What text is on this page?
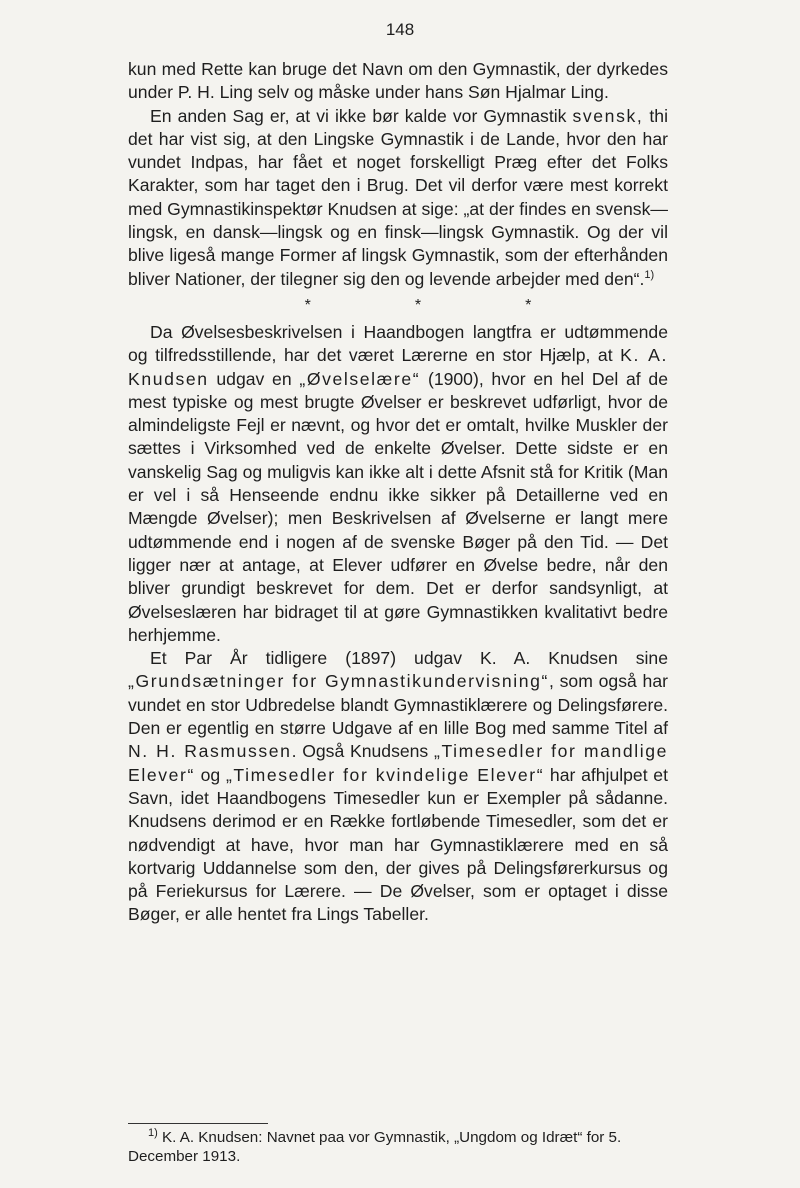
148

kun med Rette kan bruge det Navn om den Gymnastik, der dyrkedes under P. H. Ling selv og måske under hans Søn Hjalmar Ling.

En anden Sag er, at vi ikke bør kalde vor Gymnastik svensk, thi det har vist sig, at den Lingske Gymnastik i de Lande, hvor den har vundet Indpas, har fået et noget forskelligt Præg efter det Folks Karakter, som har taget den i Brug. Det vil derfor være mest korrekt med Gymnastikinspektør Knudsen at sige: „at der findes en svensk—lingsk, en dansk—lingsk og en finsk—lingsk Gymnastik. Og der vil blive ligeså mange Former af lingsk Gymnastik, som der efterhånden bliver Nationer, der tilegner sig den og levende arbejder med den“.$^{1)}$

*	*	*

Da Øvelsesbeskrivelsen i Haandbogen langtfra er udtømmende og tilfredsstillende, har det været Lærerne en stor Hjælp, at K. A. Knudsen udgav en „Øvelselære“ (1900), hvor en hel Del af de mest typiske og mest brugte Øvelser er beskrevet udførligt, hvor de almindeligste Fejl er nævnt, og hvor det er omtalt, hvilke Muskler der sættes i Virksomhed ved de enkelte Øvelser. Dette sidste er en vanskelig Sag og muligvis kan ikke alt i dette Afsnit stå for Kritik (Man er vel i så Henseende endnu ikke sikker på Detaillerne ved en Mængde Øvelser); men Beskrivelsen af Øvelserne er langt mere udtømmende end i nogen af de svenske Bøger på den Tid. — Det ligger nær at antage, at Elever udfører en Øvelse bedre, når den bliver grundigt beskrevet for dem. Det er derfor sandsynligt, at Øvelseslæren har bidraget til at gøre Gymnastikken kvalitativt bedre herhjemme.

Et Par År tidligere (1897) udgav K. A. Knudsen sine „Grundsætninger for Gymnastikundervisning“, som også har vundet en stor Udbredelse blandt Gymnastiklærere og Delingsførere. Den er egentlig en større Udgave af en lille Bog med samme Titel af N. H. Rasmussen. Også Knudsens „Timesedler for mandlige Elever“ og „Timesedler for kvindelige Elever“ har afhjulpet et Savn, idet Haandbogens Timesedler kun er Exempler på sådanne. Knudsens derimod er en Række fortløbende Timesedler, som det er nødvendigt at have, hvor man har Gymnastiklærere med en så kortvarig Uddannelse som den, der gives på Delingsførerkursus og på Feriekursus for Lærere. — De Øvelser, som er optaget i disse Bøger, er alle hentet fra Lings Tabeller.

$^{1)}$ K. A. Knudsen: Navnet paa vor Gymnastik, „Ungdom og Idræt“ for 5. December 1913.
